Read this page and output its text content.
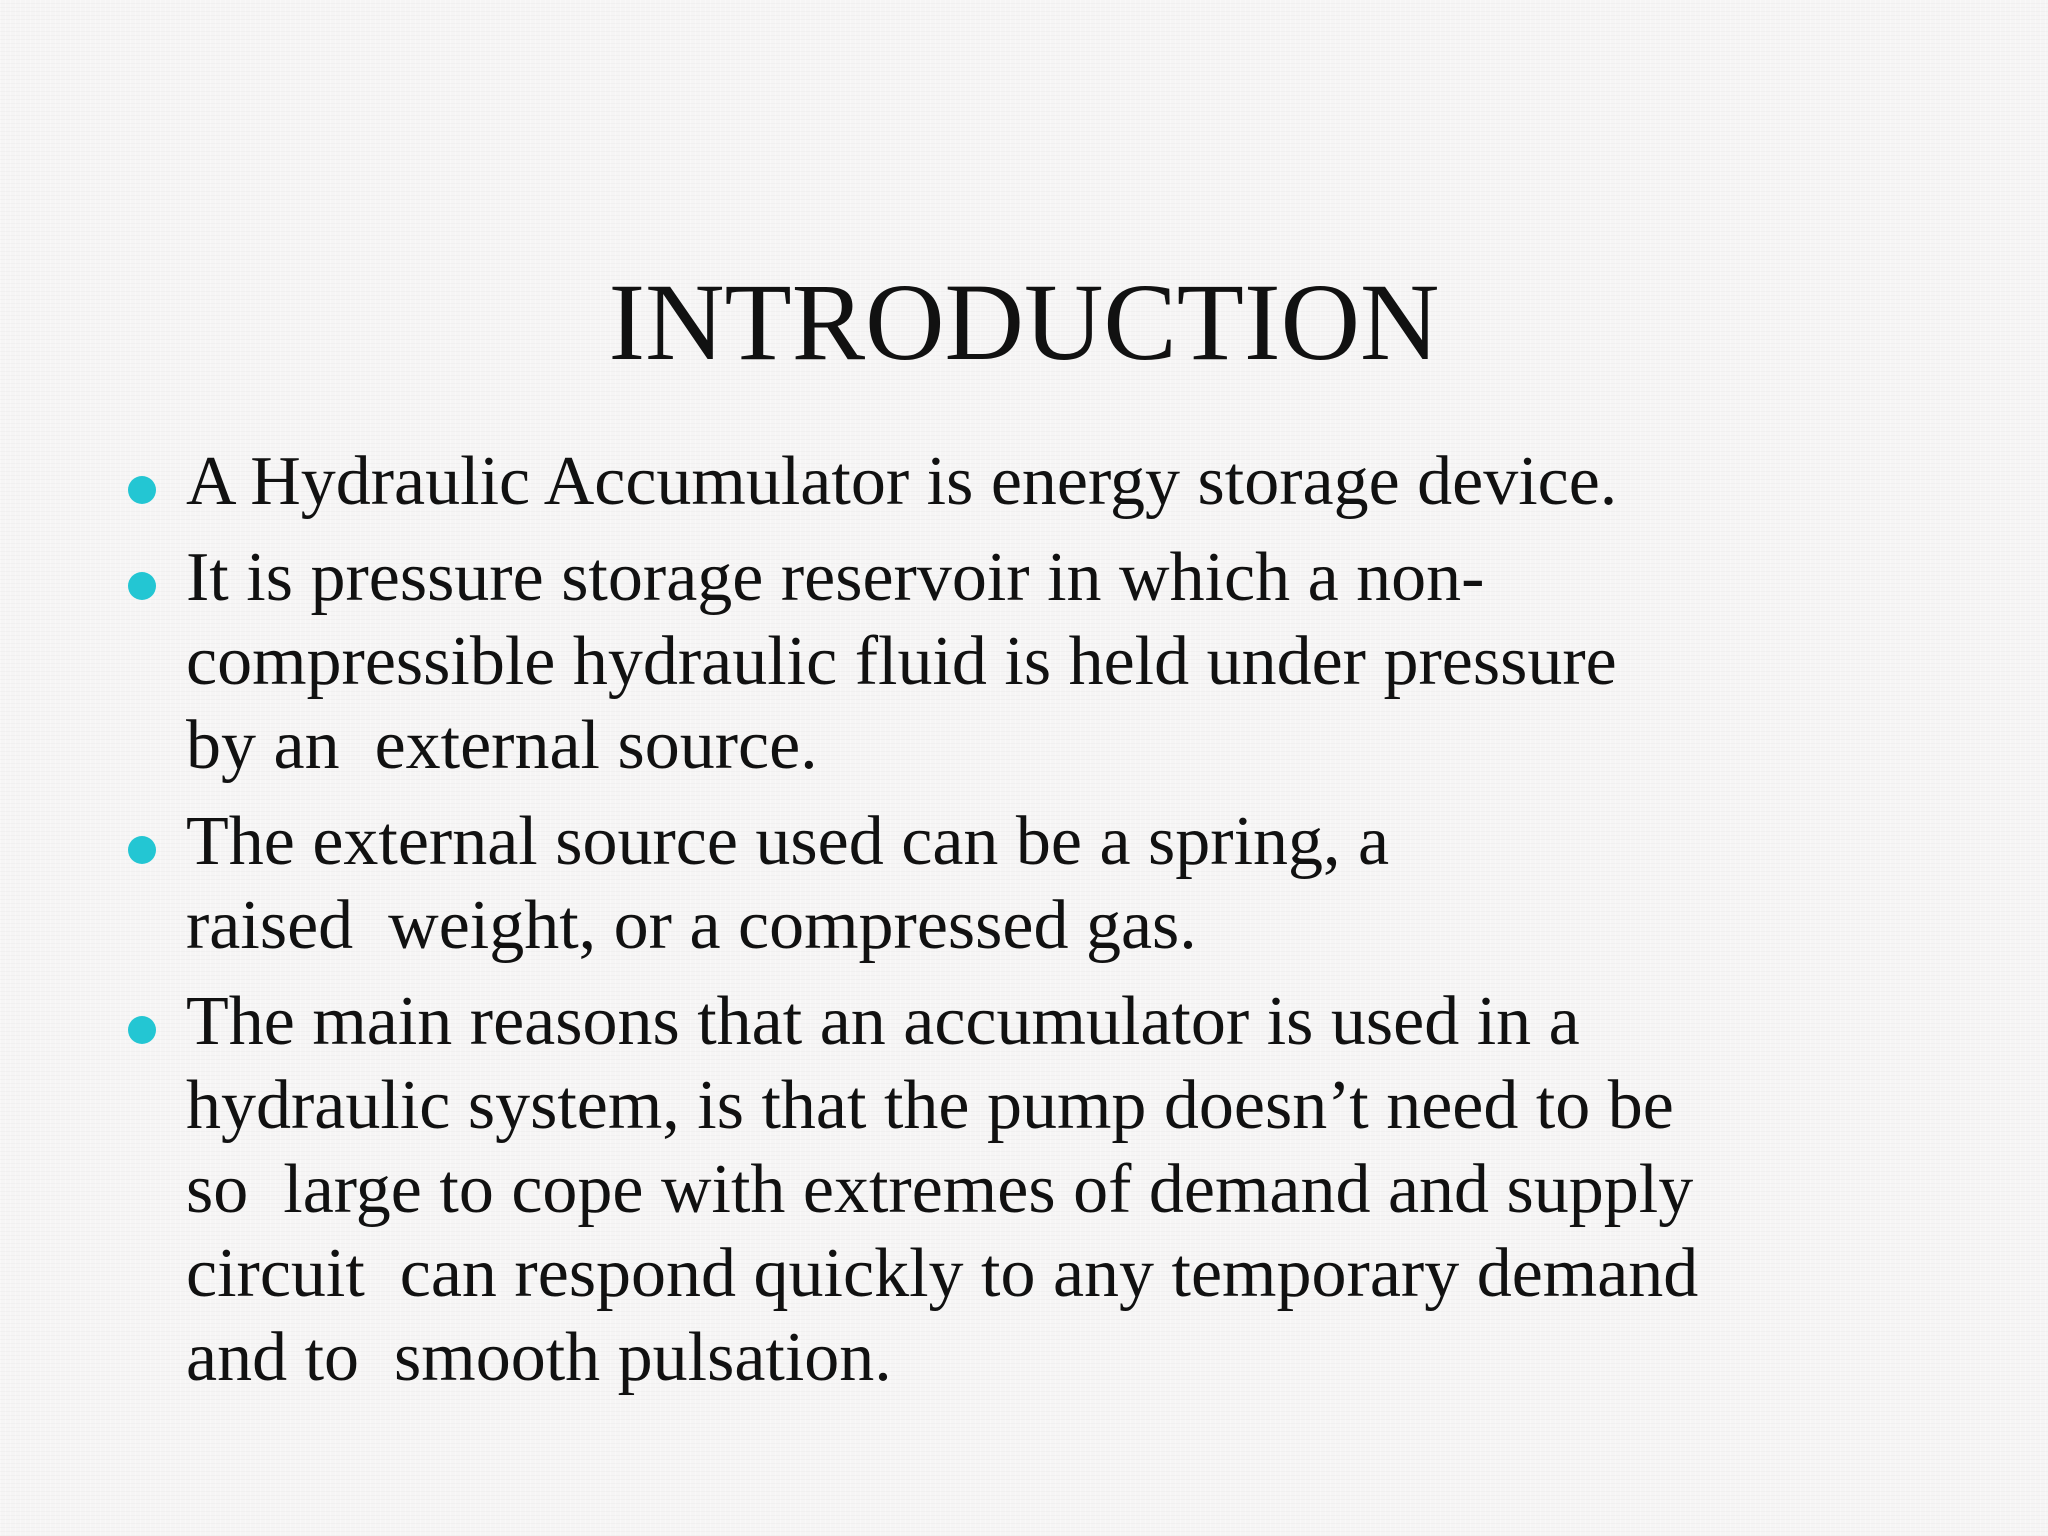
INTRODUCTION
A Hydraulic Accumulator is energy storage device.
It is pressure storage reservoir in which a non-
compressible hydraulic fluid is held under pressure
by an  external source.
The external source used can be a spring, a
raised  weight, or a compressed gas.
The main reasons that an accumulator is used in a
hydraulic system, is that the pump doesn’t need to be
so  large to cope with extremes of demand and supply
circuit  can respond quickly to any temporary demand
and to  smooth pulsation.
